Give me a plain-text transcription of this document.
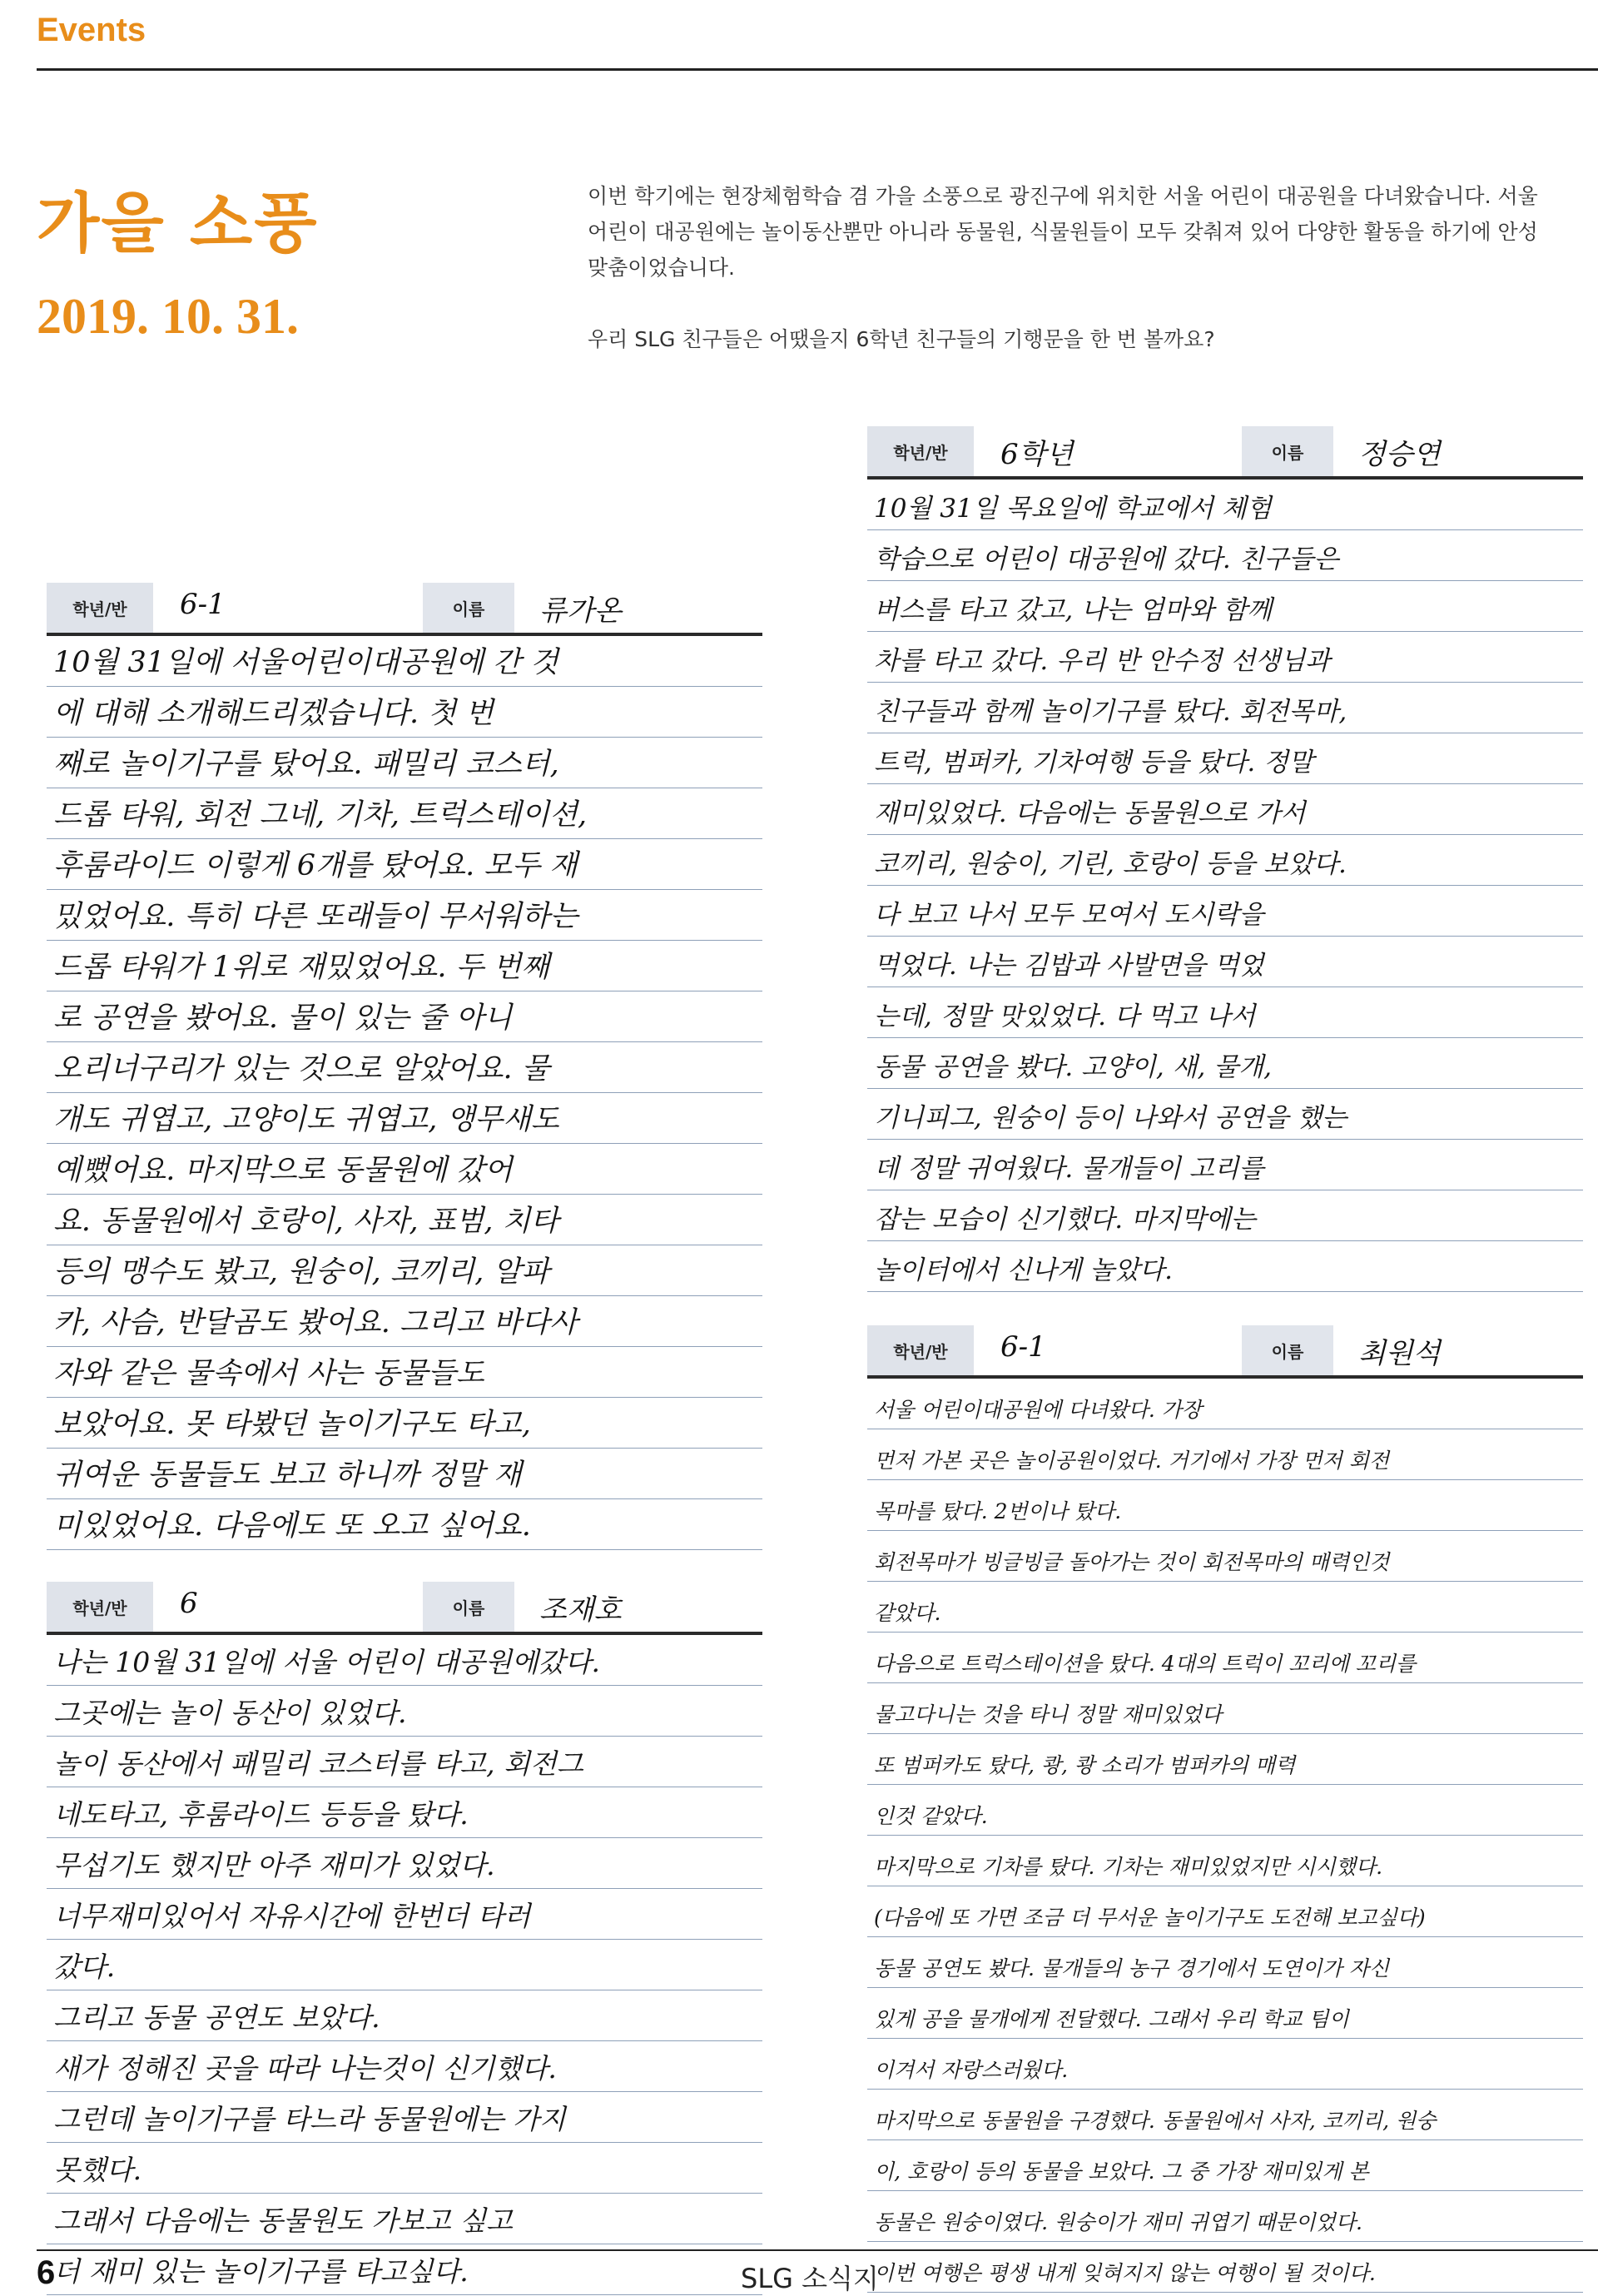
Events
가을 소풍
2019. 10. 31.

이번 학기에는 현장체험학습 겸 가을 소풍으로 광진구에 위치한 서울 어린이 대공원을 다녀왔습니다. 서울 어린이 대공원에는 놀이동산뿐만 아니라 동물원, 식물원들이 모두 갖춰져 있어 다양한 활동을 하기에 안성맞춤이었습니다.

우리 SLG 친구들은 어땠을지 6학년 친구들의 기행문을 한 번 볼까요?

학년/반	6-1	이름	류가온
10월 31일에 서울어린이대공원에 간 것
에 대해 소개해드리겠습니다. 첫 번
째로 놀이기구를 탔어요. 패밀리 코스터,
드롭 타워, 회전 그네, 기차, 트럭스테이션,
후룸라이드 이렇게 6개를 탔어요. 모두 재
밌었어요. 특히 다른 또래들이 무서워하는
드롭 타워가 1위로 재밌었어요. 두 번째
로 공연을 봤어요. 물이 있는 줄 아니
오리너구리가 있는 것으로 알았어요. 물
개도 귀엽고, 고양이도 귀엽고, 앵무새도
예뻤어요. 마지막으로 동물원에 갔어
요. 동물원에서 호랑이, 사자, 표범, 치타
등의 맹수도 봤고, 원숭이, 코끼리, 알파
카, 사슴, 반달곰도 봤어요. 그리고 바다사
자와 같은 물속에서 사는 동물들도
보았어요. 못 타봤던 놀이기구도 타고,
귀여운 동물들도 보고 하니까 정말 재
미있었어요. 다음에도 또 오고 싶어요.
학년/반	6	이름	조재호
나는 10월 31일에 서울 어린이 대공원에갔다.
그곳에는 놀이 동산이 있었다.
놀이 동산에서 패밀리 코스터를 타고, 회전그
네도타고, 후룸라이드 등등을 탔다.
무섭기도 했지만 아주 재미가 있었다.
너무재미있어서 자유시간에 한번더 타러
갔다.
그리고 동물 공연도 보았다.
새가 정해진 곳을 따라 나는것이 신기했다.
그런데 놀이기구를 타느라 동물원에는 가지
못했다.
그래서 다음에는 동물원도 가보고 싶고
더 재미 있는 놀이기구를 타고싶다.
학년/반	6학년	이름	정승연
10월 31일 목요일에 학교에서 체험
학습으로 어린이 대공원에 갔다. 친구들은
버스를 타고 갔고, 나는 엄마와 함께
차를 타고 갔다. 우리 반 안수정 선생님과
친구들과 함께 놀이기구를 탔다. 회전목마,
트럭, 범퍼카, 기차여행 등을 탔다. 정말
재미있었다. 다음에는 동물원으로 가서
코끼리, 원숭이, 기린, 호랑이 등을 보았다.
다 보고 나서 모두 모여서 도시락을
먹었다. 나는 김밥과 사발면을 먹었
는데, 정말 맛있었다. 다 먹고 나서
동물 공연을 봤다. 고양이, 새, 물개,
기니피그, 원숭이 등이 나와서 공연을 했는
데 정말 귀여웠다. 물개들이 고리를
잡는 모습이 신기했다. 마지막에는
놀이터에서 신나게 놀았다.
학년/반	6-1	이름	최원석
서울 어린이대공원에 다녀왔다. 가장
먼저 가본 곳은 놀이공원이었다. 거기에서 가장 먼저 회전
목마를 탔다. 2번이나 탔다.
회전목마가 빙글빙글 돌아가는 것이 회전목마의 매력인것
같았다.
다음으로 트럭스테이션을 탔다. 4대의 트럭이 꼬리에 꼬리를
물고다니는 것을 타니 정말 재미있었다
또 범퍼카도 탔다, 쾅, 쾅 소리가 범퍼카의 매력
인것 같았다.
마지막으로 기차를 탔다. 기차는 재미있었지만 시시했다.
(다음에 또 가면 조금 더 무서운 놀이기구도 도전해 보고싶다)
동물 공연도 봤다. 물개들의 농구 경기에서 도연이가 자신
있게 공을 물개에게 전달했다. 그래서 우리 학교 팀이
이겨서 자랑스러웠다.
마지막으로 동물원을 구경했다. 동물원에서 사자, 코끼리, 원숭
이, 호랑이 등의 동물을 보았다. 그 중 가장 재미있게 본
동물은 원숭이였다. 원숭이가 재미 귀엽기 때문이었다.
이번 여행은 평생 내게 잊혀지지 않는 여행이 될 것이다.
6	SLG 소식지
